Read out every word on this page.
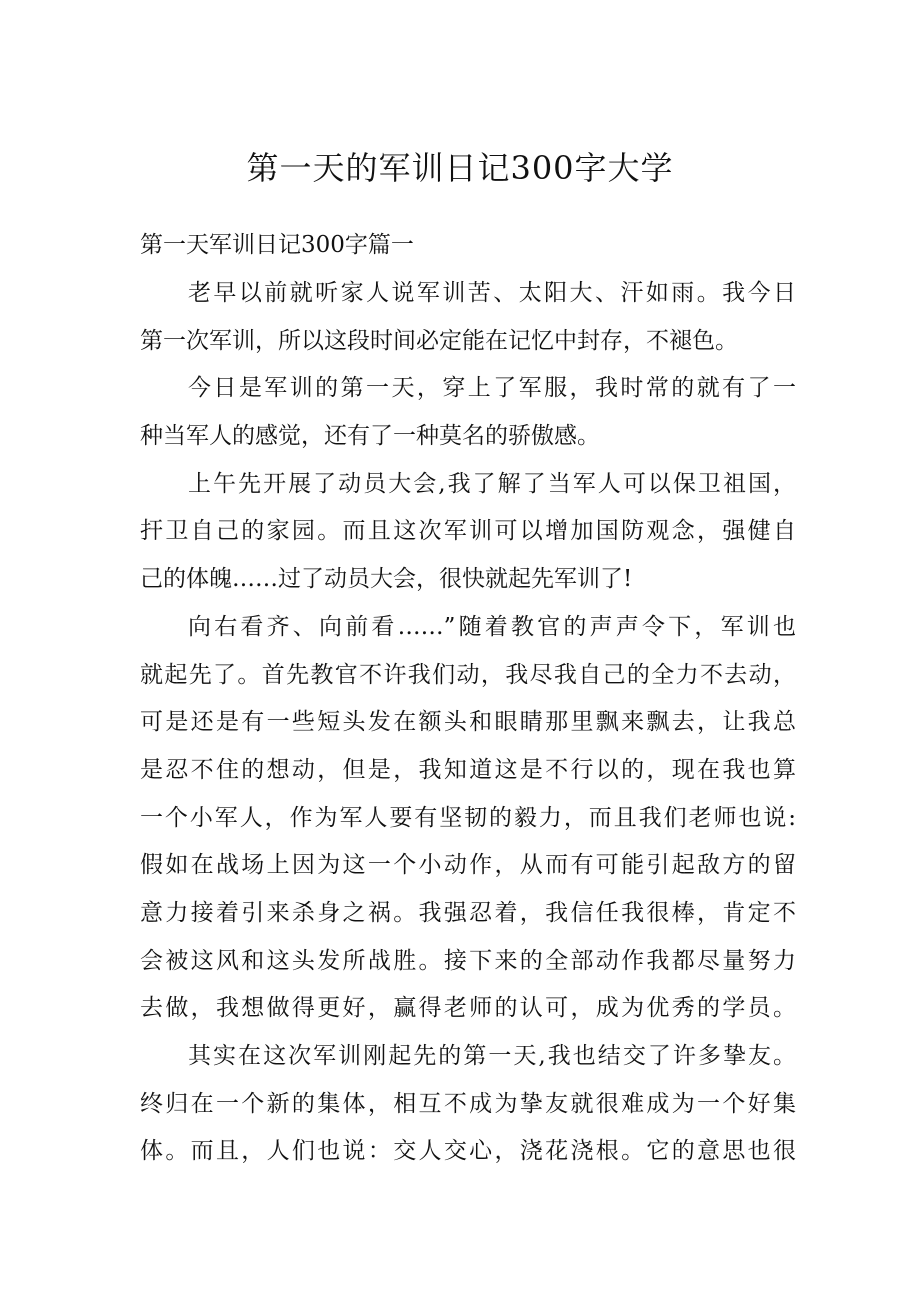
第一天的军训日记300字大学
第一天军训日记300字篇一
老早以前就听家人说军训苦、太阳大、汗如雨。我今日
第一次军训，所以这段时间必定能在记忆中封存，不褪色。
今日是军训的第一天，穿上了军服，我时常的就有了一
种当军人的感觉，还有了一种莫名的骄傲感。
上午先开展了动员大会,我了解了当军人可以保卫祖国，
扞卫自己的家园。而且这次军训可以增加国防观念，强健自
己的体魄……过了动员大会，很快就起先军训了!
向右看齐、向前看……”随着教官的声声令下，军训也
就起先了。首先教官不许我们动，我尽我自己的全力不去动，
可是还是有一些短头发在额头和眼睛那里飘来飘去，让我总
是忍不住的想动，但是，我知道这是不行以的，现在我也算
一个小军人，作为军人要有坚韧的毅力，而且我们老师也说:
假如在战场上因为这一个小动作，从而有可能引起敌方的留
意力接着引来杀身之祸。我强忍着，我信任我很棒，肯定不
会被这风和这头发所战胜。接下来的全部动作我都尽量努力
去做，我想做得更好，赢得老师的认可，成为优秀的学员。
其实在这次军训刚起先的第一天,我也结交了许多挚友。
终归在一个新的集体，相互不成为挚友就很难成为一个好集
体。而且，人们也说：交人交心，浇花浇根。它的意思也很
